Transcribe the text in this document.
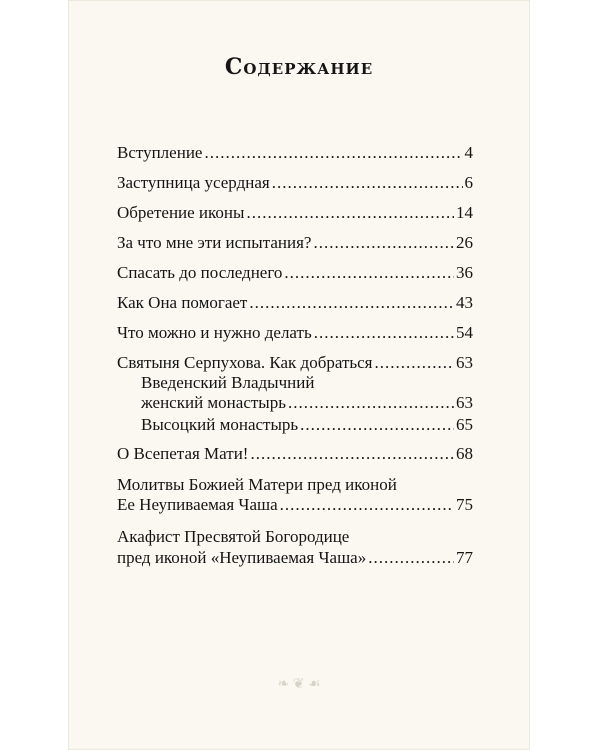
Содержание
Вступление .....	4
Заступница усердная .....	6
Обретение иконы .....	14
За что мне эти испытания? .....	26
Спасать до последнего .....	36
Как Она помогает .....	43
Что можно и нужно делать .....	54
Святыня Серпухова. Как добраться .....	63
Введенский Владычний
женский монастырь .....	63
Высоцкий монастырь .....	65
О Всепетая Мати! .....	68
Молитвы Божией Матери пред иконой
Ее Неупиваемая Чаша .....	75
Акафист Пресвятой Богородице
пред иконой «Неупиваемая Чаша» .....	77
❧ ❦ ☙
